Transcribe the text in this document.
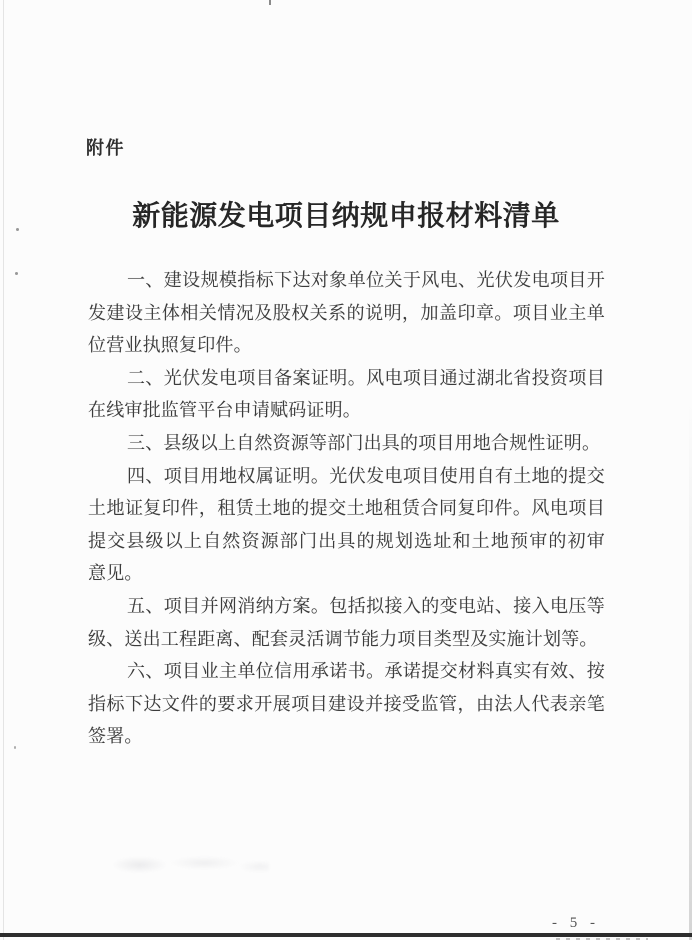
附件
新能源发电项目纳规申报材料清单
一、建设规模指标下达对象单位关于风电、光伏发电项目开
发建设主体相关情况及股权关系的说明，加盖印章。项目业主单
位营业执照复印件。
二、光伏发电项目备案证明。风电项目通过湖北省投资项目
在线审批监管平台申请赋码证明。
三、县级以上自然资源等部门出具的项目用地合规性证明。
四、项目用地权属证明。光伏发电项目使用自有土地的提交
土地证复印件，租赁土地的提交土地租赁合同复印件。风电项目
提交县级以上自然资源部门出具的规划选址和土地预审的初审
意见。
五、项目并网消纳方案。包括拟接入的变电站、接入电压等
级、送出工程距离、配套灵活调节能力项目类型及实施计划等。
六、项目业主单位信用承诺书。承诺提交材料真实有效、按
指标下达文件的要求开展项目建设并接受监管，由法人代表亲笔
签署。
- 5 -
